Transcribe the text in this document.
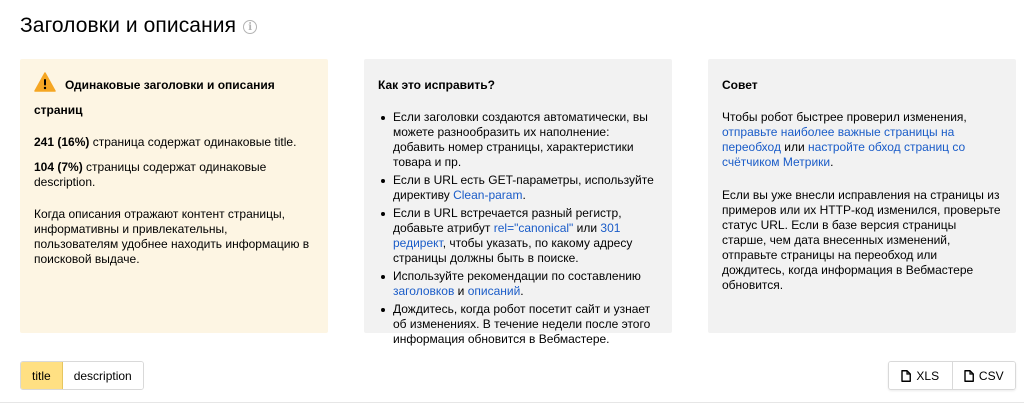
Заголовки и описания	i
Одинаковые заголовки и описания
страниц
241 (16%) страница содержат одинаковые title.
104 (7%) страницы содержат одинаковые description.
Когда описания отражают контент страницы, информативны и привлекательны, пользователям удобнее находить информацию в поисковой выдаче.
Как это исправить?
Если заголовки создаются автоматически, вы можете разнообразить их наполнение: добавить номер страницы, характеристики товара и пр.
Если в URL есть GET-параметры, используйте директиву Clean-param.
Если в URL встречается разный регистр, добавьте атрибут rel="canonical" или 301 редирект, чтобы указать, по какому адресу страницы должны быть в поиске.
Используйте рекомендации по составлению заголовков и описаний.
Дождитесь, когда робот посетит сайт и узнает об изменениях. В течение недели после этого информация обновится в Вебмастере.
Совет

Чтобы робот быстрее проверил изменения, отправьте наиболее важные страницы на переобход или настройте обход страниц со счётчиком Метрики.

Если вы уже внесли исправления на страницы из примеров или их HTTP-код изменился, проверьте статус URL. Если в базе версия страницы старше, чем дата внесенных изменений, отправьте страницы на переобход или дождитесь, когда информация в Вебмастере обновится.

title	description	XLS	CSV
